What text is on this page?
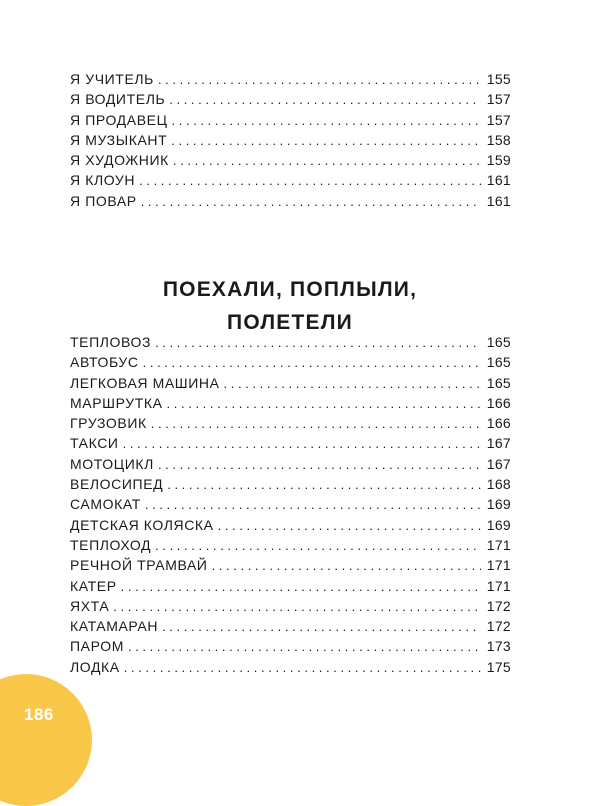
Я УЧИТЕЛЬ . . .	155
Я ВОДИТЕЛЬ . . .	157
Я ПРОДАВЕЦ . . .	157
Я МУЗЫКАНТ . . .	158
Я ХУДОЖНИК . . .	159
Я КЛОУН . . .	161
Я ПОВАР . . .	161
ПОЕХАЛИ, ПОПЛЫЛИ,
ПОЛЕТЕЛИ
ТЕПЛОВОЗ . . .	165
АВТОБУС . . .	165
ЛЕГКОВАЯ МАШИНА . . .	165
МАРШРУТКА . . .	166
ГРУЗОВИК . . .	166
ТАКСИ . . .	167
МОТОЦИКЛ . . .	167
ВЕЛОСИПЕД . . .	168
САМОКАТ . . .	169
ДЕТСКАЯ КОЛЯСКА . . .	169
ТЕПЛОХОД . . .	171
РЕЧНОЙ ТРАМВАЙ . . .	171
КАТЕР . . .	171
ЯХТА . . .	172
КАТАМАРАН . . .	172
ПАРОМ . . .	173
ЛОДКА . . .	175
186
